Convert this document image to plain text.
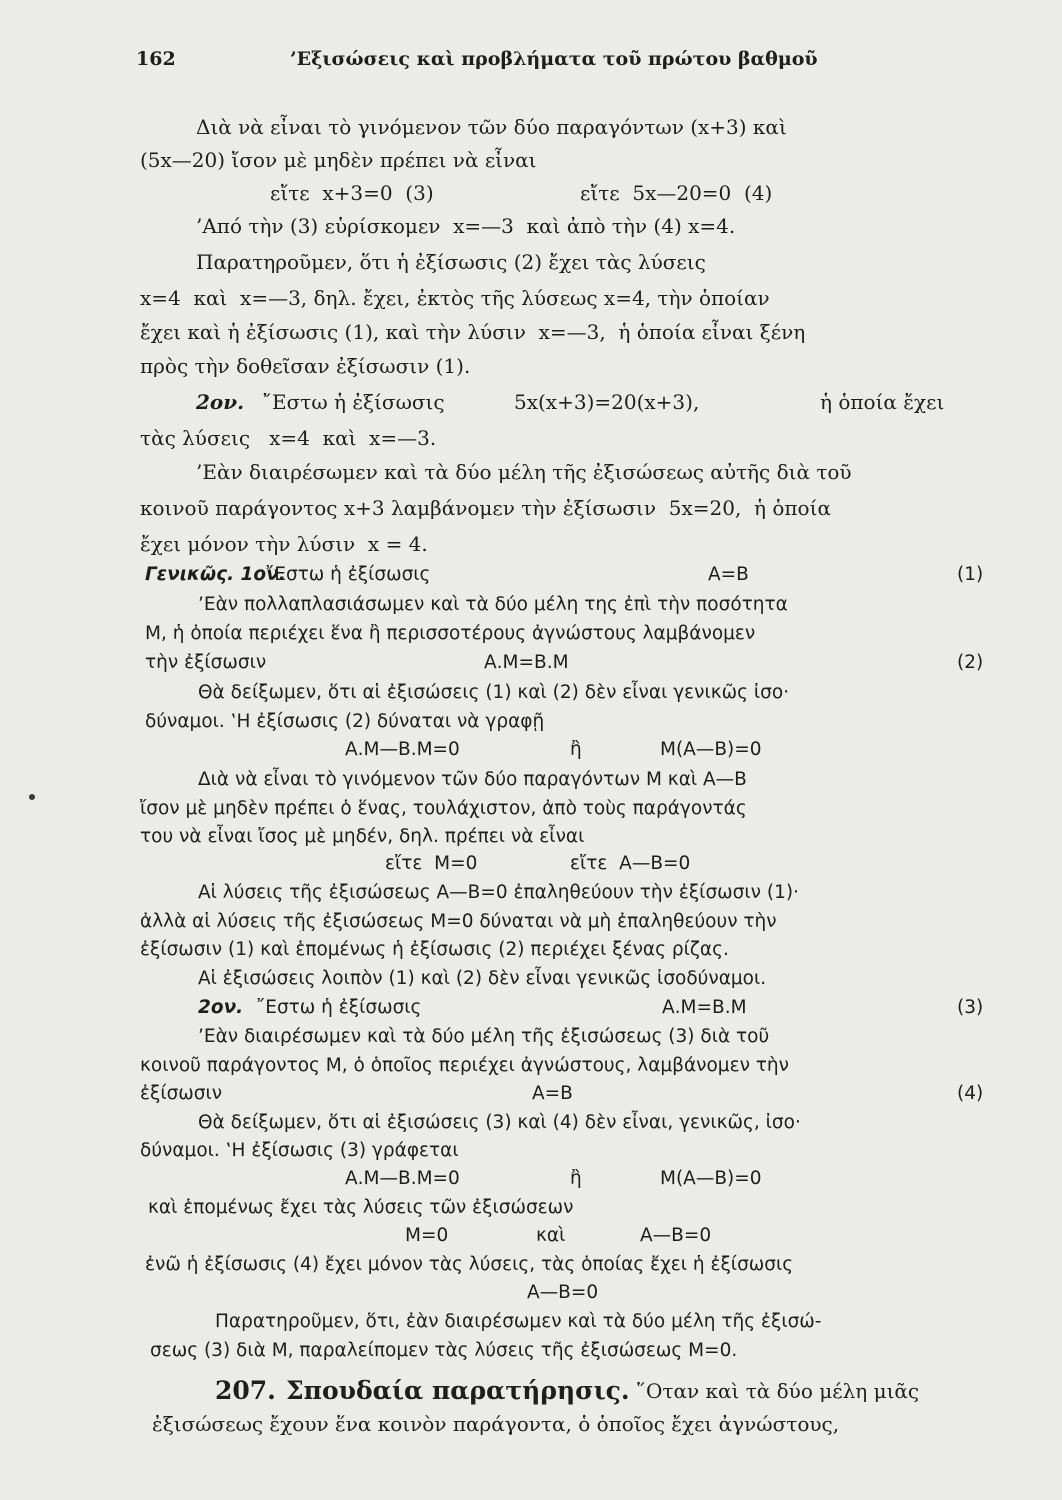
162	’Εξισώσεις καὶ προβλήματα τοῦ πρώτου βαθμοῦ
Διὰ νὰ εἶναι τὸ γινόμενον τῶν δύο παραγόντων (x+3) καὶ
(5x—20) ἴσον μὲ μηδὲν πρέπει νὰ εἶναι
εἴτε  x+3=0  (3)	εἴτε  5x—20=0  (4)
’Από τὴν (3) εὑρίσκομεν  x=—3  καὶ ἀπὸ τὴν (4) x=4.
Παρατηροῦμεν, ὅτι ἡ ἐξίσωσις (2) ἔχει τὰς λύσεις
x=4  καὶ  x=—3, δηλ. ἔχει, ἐκτὸς τῆς λύσεως x=4, τὴν ὁποίαν
ἔχει καὶ ἡ ἐξίσωσις (1), καὶ τὴν λύσιν  x=—3,  ἡ ὁποία εἶναι ξένη
πρὸς τὴν δοθεῖσαν ἐξίσωσιν (1).
2ον. ῎Εστω ἡ ἐξίσωσις	5x(x+3)=20(x+3),	ἡ ὁποία ἔχει
τὰς λύσεις   x=4  καὶ  x=—3.
’Εὰν διαιρέσωμεν καὶ τὰ δύο μέλη τῆς ἐξισώσεως αὐτῆς διὰ τοῦ
κοινοῦ παράγοντος x+3 λαμβάνομεν τὴν ἐξίσωσιν  5x=20,  ἡ ὁποία
ἔχει μόνον τὴν λύσιν  x = 4.
Γενικῶς. 1ον.
῎Εστω ἡ ἐξίσωσις	Α=Β	(1)
’Εὰν πολλαπλασιάσωμεν καὶ τὰ δύο μέλη της ἐπὶ τὴν ποσότητα
Μ, ἡ ὁποία περιέχει ἕνα ἢ περισσοτέρους ἀγνώστους λαμβάνομεν
τὴν ἐξίσωσιν	Α.Μ=Β.Μ	(2)
Θὰ δείξωμεν, ὅτι αἱ ἐξισώσεις (1) καὶ (2) δὲν εἶναι γενικῶς ἰσο·
δύναμοι. ‛Η ἐξίσωσις (2) δύναται νὰ γραφῇ
Α.Μ—Β.Μ=0	ἢ	Μ(Α—Β)=0
Διὰ νὰ εἶναι τὸ γινόμενον τῶν δύο παραγόντων Μ καὶ Α—Β
ἴσον μὲ μηδὲν πρέπει ὁ ἕνας, τουλάχιστον, ἀπὸ τοὺς παράγοντάς
του νὰ εἶναι ἴσος μὲ μηδέν, δηλ. πρέπει νὰ εἶναι
εἴτε  Μ=0	εἴτε  Α—Β=0
Αἱ λύσεις τῆς ἐξισώσεως Α—Β=0 ἐπαληθεύουν τὴν ἐξίσωσιν (1)·
ἀλλὰ αἱ λύσεις τῆς ἐξισώσεως Μ=0 δύναται νὰ μὴ ἐπαληθεύουν τὴν
ἐξίσωσιν (1) καὶ ἑπομένως ἡ ἐξίσωσις (2) περιέχει ξένας ρίζας.
Αἱ ἐξισώσεις λοιπὸν (1) καὶ (2) δὲν εἶναι γενικῶς ἰσοδύναμοι.
2ον. ῎Εστω ἡ ἐξίσωσις	Α.Μ=Β.Μ	(3)
’Εὰν διαιρέσωμεν καὶ τὰ δύο μέλη τῆς ἐξισώσεως (3) διὰ τοῦ
κοινοῦ παράγοντος Μ, ὁ ὁποῖος περιέχει ἀγνώστους, λαμβάνομεν τὴν
ἐξίσωσιν	Α=Β	(4)
Θὰ δείξωμεν, ὅτι αἱ ἐξισώσεις (3) καὶ (4) δὲν εἶναι, γενικῶς, ἰσο·
δύναμοι. ‛Η ἐξίσωσις (3) γράφεται
Α.Μ—Β.Μ=0	ἢ	Μ(Α—Β)=0
καὶ ἑπομένως ἔχει τὰς λύσεις τῶν ἐξισώσεων
Μ=0	καὶ	Α—Β=0
ἐνῶ ἡ ἐξίσωσις (4) ἔχει μόνον τὰς λύσεις, τὰς ὁποίας ἔχει ἡ ἐξίσωσις
Α—Β=0
Παρατηροῦμεν, ὅτι, ἐὰν διαιρέσωμεν καὶ τὰ δύο μέλη τῆς ἐξισώ-
σεως (3) διὰ Μ, παραλείπομεν τὰς λύσεις τῆς ἐξισώσεως Μ=0.
207. Σπουδαία παρατήρησις. ῞Οταν καὶ τὰ δύο μέλη μιᾶς
ἐξισώσεως ἔχουν ἕνα κοινὸν παράγοντα, ὁ ὁποῖος ἔχει ἀγνώστους,
